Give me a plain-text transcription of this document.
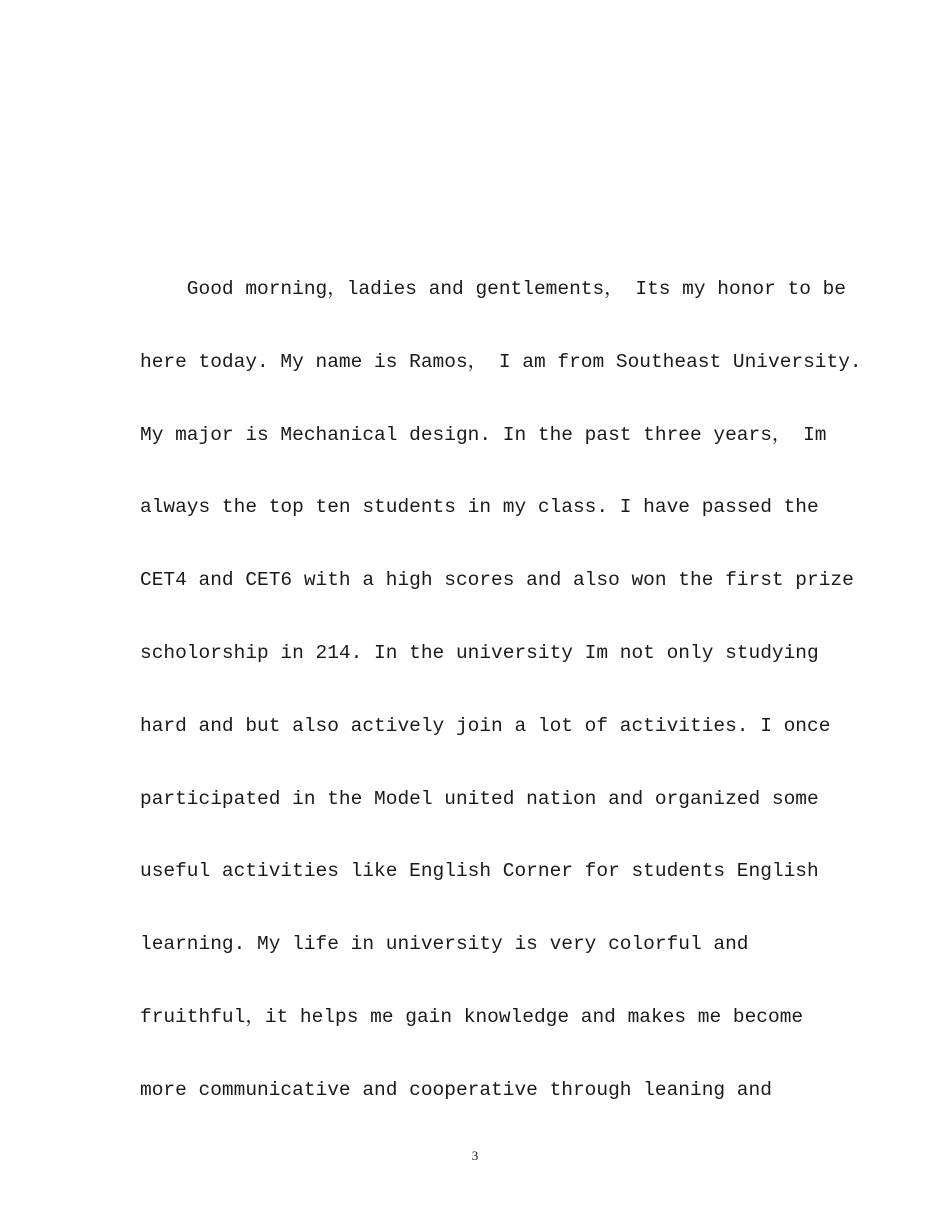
Good morning，ladies and gentlements， Its my honor to be
here today. My name is Ramos， I am from Southeast University.
My major is Mechanical design. In the past three years， Im
always the top ten students in my class. I have passed the
CET4 and CET6 with a high scores and also won the first prize
scholorship in 214. In the university Im not only studying
hard and but also actively join a lot of activities. I once
participated in the Model united nation and organized some
useful activities like English Corner for students English
learning. My life in university is very colorful and
fruithful，it helps me gain knowledge and makes me become
more communicative and cooperative through leaning and
3
